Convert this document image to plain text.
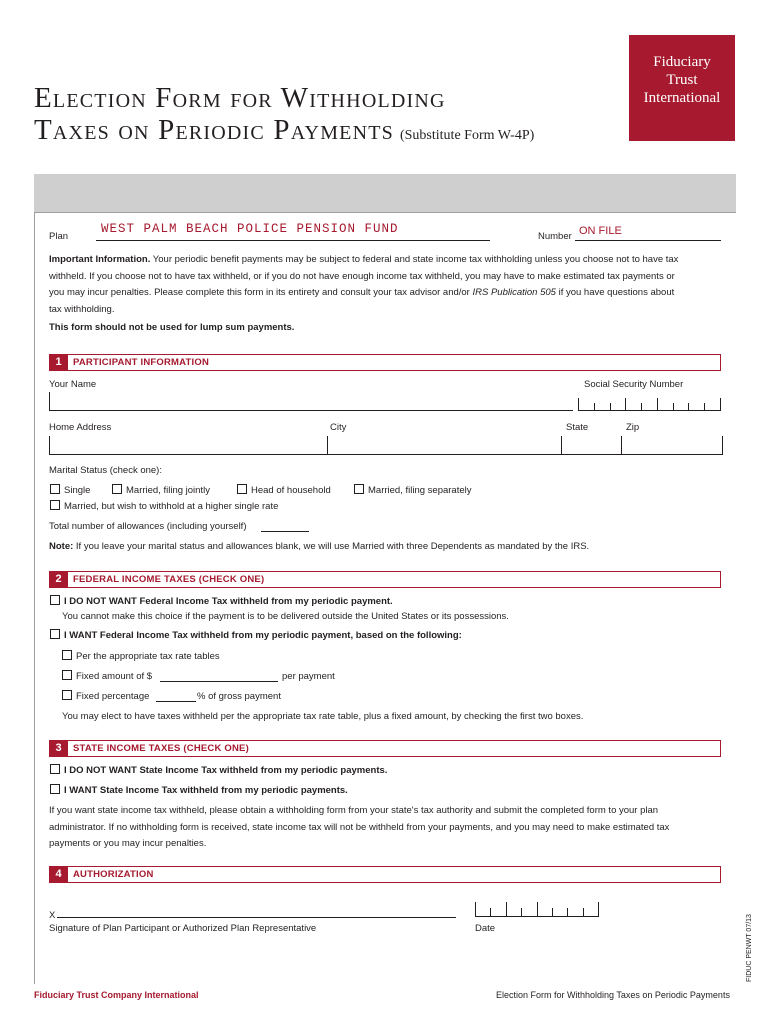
Fiduciary
Trust
International
Election Form for Withholding
Taxes on Periodic Payments (Substitute Form W-4P)
Plan
WEST PALM BEACH POLICE PENSION FUND
Number ON FILE
Important Information. Your periodic benefit payments may be subject to federal and state income tax withholding unless you choose not to have tax
withheld. If you choose not to have tax withheld, or if you do not have enough income tax withheld, you may have to make estimated tax payments or
you may incur penalties. Please complete this form in its entirety and consult your tax advisor and/or IRS Publication 505 if you have questions about
tax withholding.
This form should not be used for lump sum payments.
1	PARTICIPANT INFORMATION
Your Name	Social Security Number
Home Address	City	State	Zip
Marital Status (check one):
Single	Married, filing jointly	Head of household	Married, filing separately
Married, but wish to withhold at a higher single rate
Total number of allowances (including yourself)
Note: If you leave your marital status and allowances blank, we will use Married with three Dependents as mandated by the IRS.
2	FEDERAL INCOME TAXES (CHECK ONE)
I DO NOT WANT Federal Income Tax withheld from my periodic payment.
You cannot make this choice if the payment is to be delivered outside the United States or its possessions.
I WANT Federal Income Tax withheld from my periodic payment, based on the following:
Per the appropriate tax rate tables
Fixed amount of $	per payment
Fixed percentage	% of gross payment
You may elect to have taxes withheld per the appropriate tax rate table, plus a fixed amount, by checking the first two boxes.
3	STATE INCOME TAXES (CHECK ONE)
I DO NOT WANT State Income Tax withheld from my periodic payments.
I WANT State Income Tax withheld from my periodic payments.
If you want state income tax withheld, please obtain a withholding form from your state's tax authority and submit the completed form to your plan
administrator. If no withholding form is received, state income tax will not be withheld from your payments, and you may need to make estimated tax
payments or you may incur penalties.
4	AUTHORIZATION
X
Signature of Plan Participant or Authorized Plan Representative	Date	FIDUC PENWT 07/13
Fiduciary Trust Company International	Election Form for Withholding Taxes on Periodic Payments
